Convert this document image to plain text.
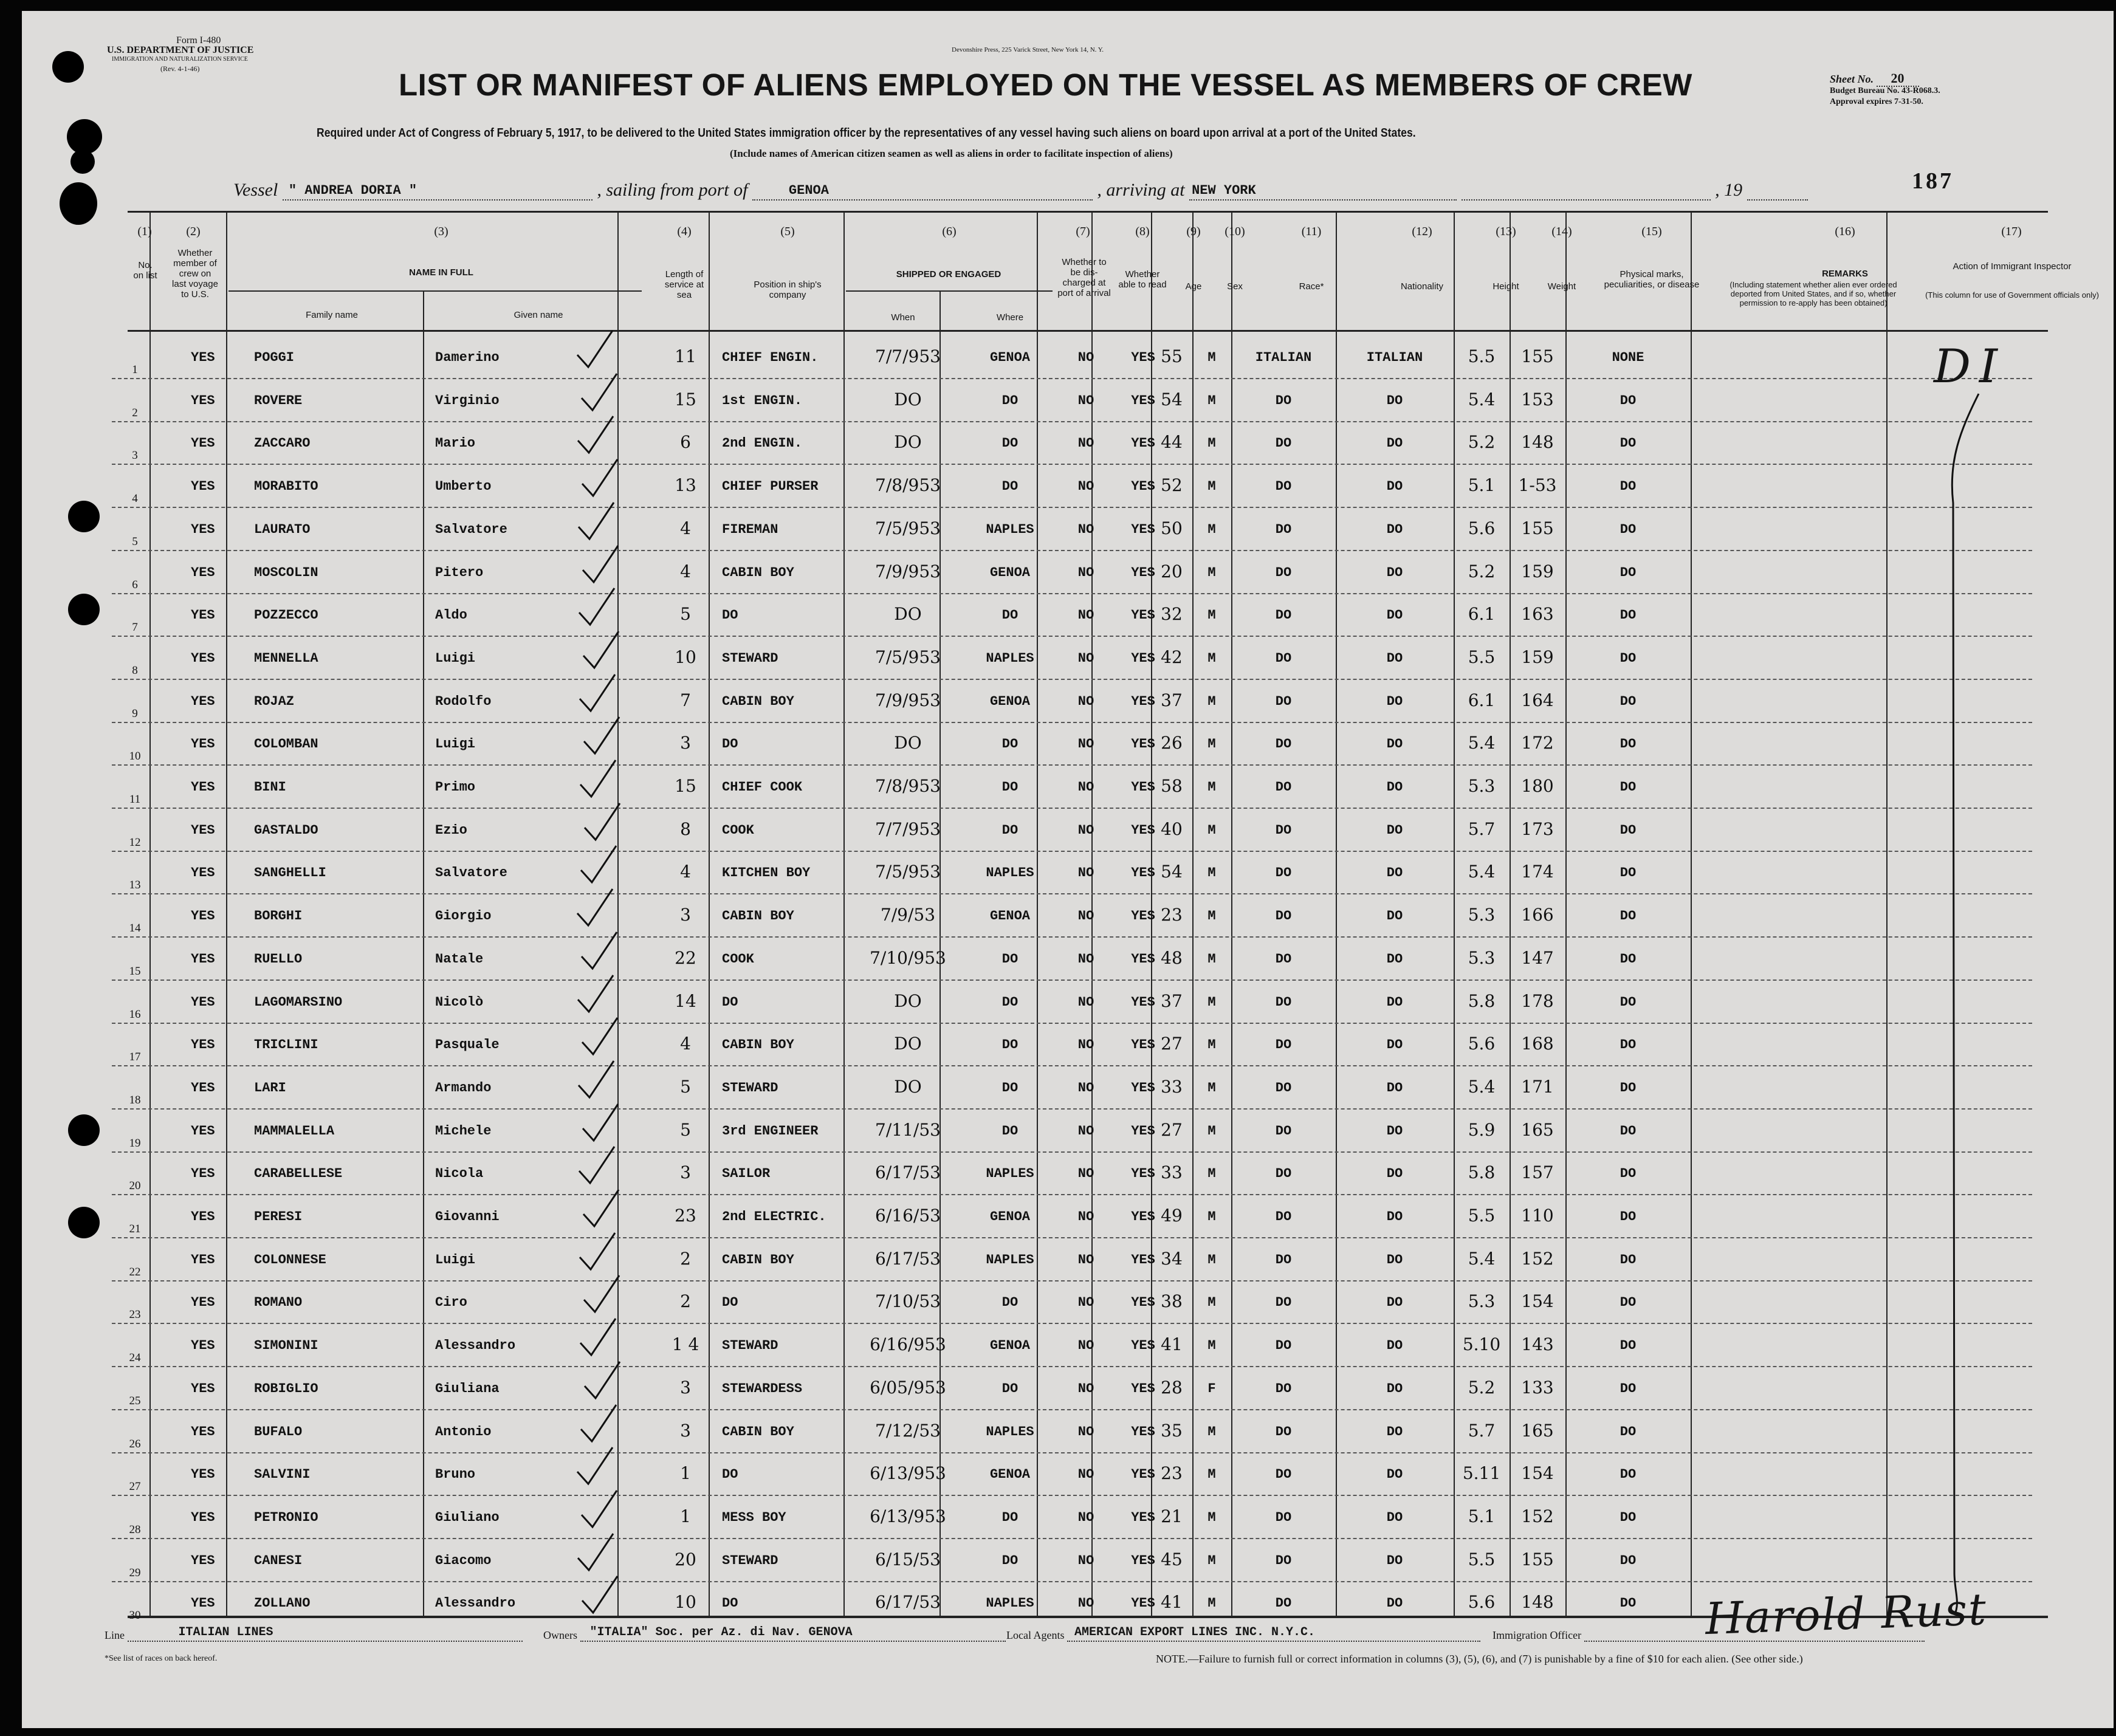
Form I-480
U.S. DEPARTMENT OF JUSTICE
IMMIGRATION AND NATURALIZATION SERVICE
(Rev. 4-1-46)
Devonshire Press, 225 Varick Street, New York 14, N. Y.
LIST OR MANIFEST OF ALIENS EMPLOYED ON THE VESSEL AS MEMBERS OF CREW
Required under Act of Congress of February 5, 1917, to be delivered to the United States immigration officer by the representatives of any vessel having such aliens on board upon arrival at a port of the United States.
(Include names of American citizen seamen as well as aliens in order to facilitate inspection of aliens)
Sheet No. 20
Budget Bureau No. 43-R068.3.
Approval expires 7-31-50.
Vessel " ANDREA DORIA "	, sailing from port of	GENOA	, arriving at NEW YORK	, 19	187
(1)
No. on list
(2)
Whether member of crew on last voyage to U.S.
(3)
NAME IN FULL
Family name	Given name
(4)
Length of service at sea
(5)
Position in ship's company
(6)
SHIPPED OR ENGAGED
When	Where
(7)
Whether to be dis-charged at port of arrival
(8)
Whether able to read
(9)
Age
(10)
Sex
(11)
Race*
(12)
Nationality
(13)
Height
(14)
Weight
(15)
Physical marks, peculiarities, or disease
(16)
REMARKS
(Including statement whether alien ever ordered deported from United States, and if so, whether permission to re-apply has been obtained)
(17)
Action of Immigrant Inspector
(This column for use of Government officials only)
1
YES	POGGI	Damerino	11	CHIEF ENGIN.	7/7/953	GENOA	NO	YES 55	M	ITALIAN	ITALIAN	5.5	155	NONE
2
YES	ROVERE	Virginio	15	1st ENGIN.	DO	DO	NO	YES 54	M	DO	DO	5.4	153	DO
3
YES	ZACCARO	Mario	6	2nd ENGIN.	DO	DO	NO	YES 44	M	DO	DO	5.2	148	DO
4
YES	MORABITO	Umberto	13	CHIEF PURSER	7/8/953	DO	NO	YES 52	M	DO	DO	5.1	1-53	DO
5
YES	LAURATO	Salvatore	4	FIREMAN	7/5/953	NAPLES	NO	YES 50	M	DO	DO	5.6	155	DO
6
YES	MOSCOLIN	Pitero	4	CABIN BOY	7/9/953	GENOA	NO	YES 20	M	DO	DO	5.2	159	DO
7
YES	POZZECCO	Aldo	5	DO	DO	DO	NO	YES 32	M	DO	DO	6.1	163	DO
8
YES	MENNELLA	Luigi	10	STEWARD	7/5/953	NAPLES	NO	YES 42	M	DO	DO	5.5	159	DO
9
YES	ROJAZ	Rodolfo	7	CABIN BOY	7/9/953	GENOA	NO	YES 37	M	DO	DO	6.1	164	DO
10
YES	COLOMBAN	Luigi	3	DO	DO	DO	NO	YES 26	M	DO	DO	5.4	172	DO
11
YES	BINI	Primo	15	CHIEF COOK	7/8/953	DO	NO	YES 58	M	DO	DO	5.3	180	DO
12
YES	GASTALDO	Ezio	8	COOK	7/7/953	DO	NO	YES 40	M	DO	DO	5.7	173	DO
13
YES	SANGHELLI	Salvatore	4	KITCHEN BOY	7/5/953	NAPLES	NO	YES 54	M	DO	DO	5.4	174	DO
14
YES	BORGHI	Giorgio	3	CABIN BOY	7/9/53	GENOA	NO	YES 23	M	DO	DO	5.3	166	DO
15
YES	RUELLO	Natale	22	COOK	7/10/953	DO	NO	YES 48	M	DO	DO	5.3	147	DO
16
YES	LAGOMARSINO	Nicolò	14	DO	DO	DO	NO	YES 37	M	DO	DO	5.8	178	DO
17
YES	TRICLINI	Pasquale	4	CABIN BOY	DO	DO	NO	YES 27	M	DO	DO	5.6	168	DO
18
YES	LARI	Armando	5	STEWARD	DO	DO	NO	YES 33	M	DO	DO	5.4	171	DO
19
YES	MAMMALELLA	Michele	5	3rd ENGINEER	7/11/53	DO	NO	YES 27	M	DO	DO	5.9	165	DO
20
YES	CARABELLESE	Nicola	3	SAILOR	6/17/53	NAPLES	NO	YES 33	M	DO	DO	5.8	157	DO
21
YES	PERESI	Giovanni	23	2nd ELECTRIC.	6/16/53	GENOA	NO	YES 49	M	DO	DO	5.5	110	DO
22
YES	COLONNESE	Luigi	2	CABIN BOY	6/17/53	NAPLES	NO	YES 34	M	DO	DO	5.4	152	DO
23
YES	ROMANO	Ciro	2	DO	7/10/53	DO	NO	YES 38	M	DO	DO	5.3	154	DO
24
YES	SIMONINI	Alessandro	1 4	STEWARD	6/16/953	GENOA	NO	YES 41	M	DO	DO	5.10	143	DO
25
YES	ROBIGLIO	Giuliana	3	STEWARDESS	6/05/953	DO	NO	YES 28	F	DO	DO	5.2	133	DO
26
YES	BUFALO	Antonio	3	CABIN BOY	7/12/53	NAPLES	NO	YES 35	M	DO	DO	5.7	165	DO
27
YES	SALVINI	Bruno	1	DO	6/13/953	GENOA	NO	YES 23	M	DO	DO	5.11	154	DO
28
YES	PETRONIO	Giuliano	1	MESS BOY	6/13/953	DO	NO	YES 21	M	DO	DO	5.1	152	DO
29
YES	CANESI	Giacomo	20	STEWARD	6/15/53	DO	NO	YES 45	M	DO	DO	5.5	155	DO
30
YES	ZOLLANO	Alessandro	10	DO	6/17/53	NAPLES	NO	YES 41	M	DO	DO	5.6	148	DO
DI
Line	ITALIAN LINES	Owners "ITALIA" Soc. per Az. di Nav. GENOVA	Local Agents AMERICAN EXPORT LINES INC. N.Y.C.	Immigration Officer	Harold Rust
*See list of races on back hereof.	NOTE.—Failure to furnish full or correct information in columns (3), (5), (6), and (7) is punishable by a fine of $10 for each alien. (See other side.)
